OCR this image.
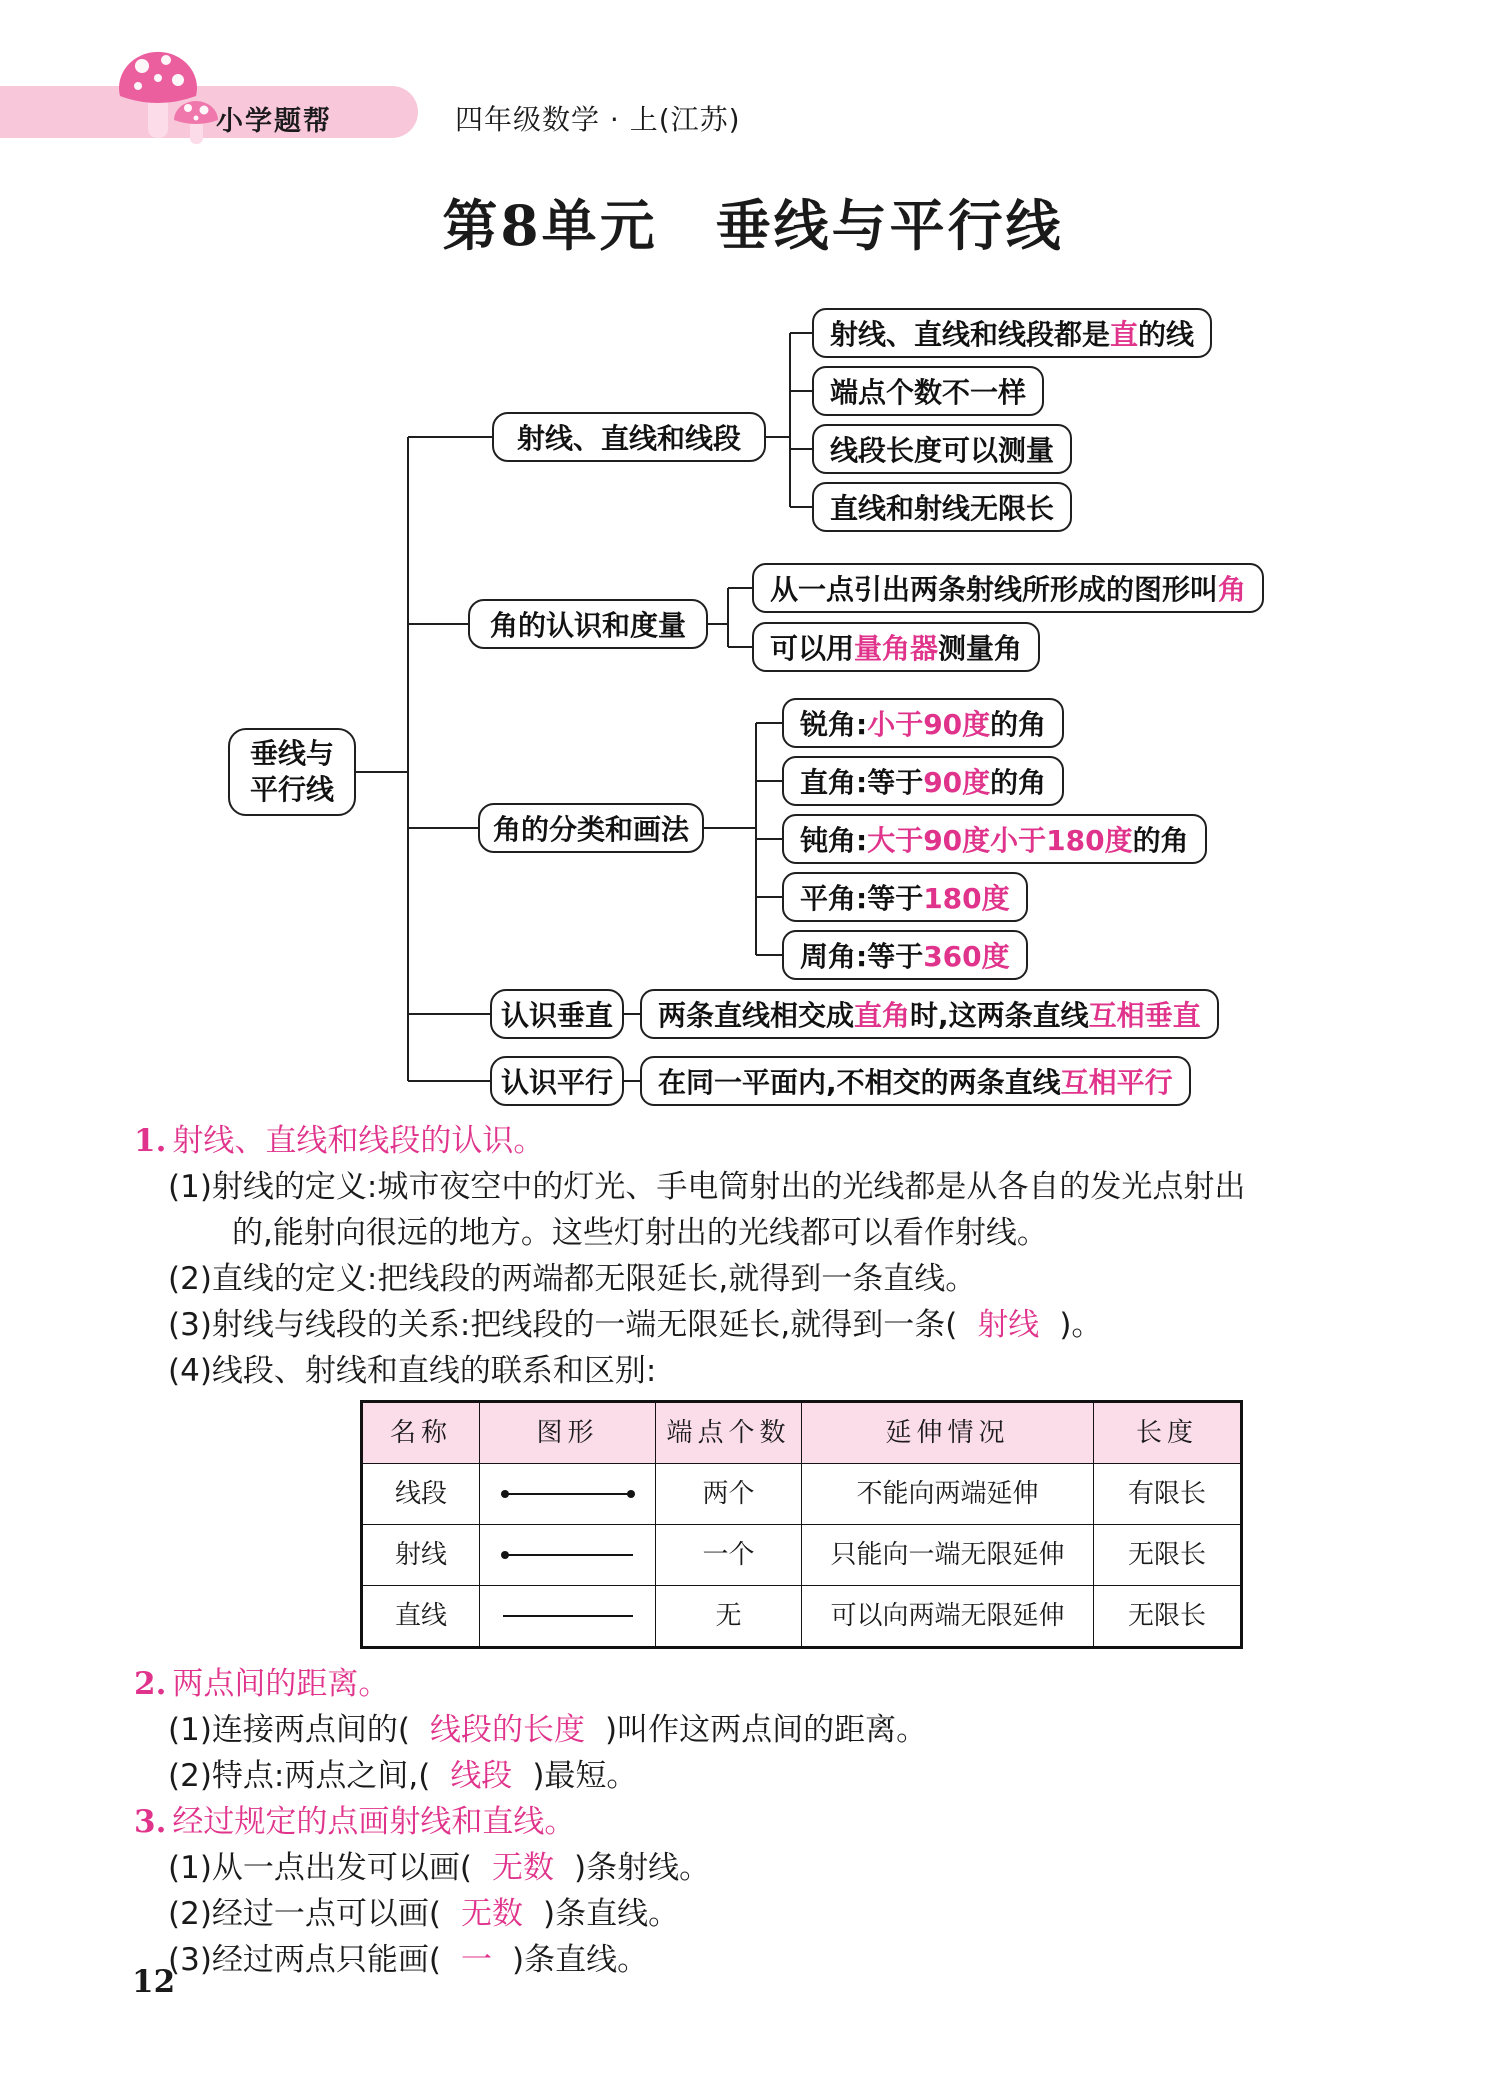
小学题帮	四年级数学 · 上(江苏)
第8单元　垂线与平行线
垂线与
平行线
射线、直线和线段
射线、直线和线段都是 直 的线
端点个数不一样
线段长度可以测量
直线和射线无限长
角的认识和度量
从一点引出两条射线所形成的图形叫 角
可以用 量角器 测量角
角的分类和画法
锐角: 小于90度 的角
直角:等于 90度 的角
钝角: 大于90度小于180度 的角
平角:等于 180度
周角:等于 360度
认识垂直	两条直线相交成 直角 时,这两条直线 互相垂直
认识平行	在同一平面内,不相交的两条直线 互相平行
1. 射线、直线和线段的认识。
(1)射线的定义:城市夜空中的灯光、手电筒射出的光线都是从各自的发光点射出
的,能射向很远的地方。这些灯射出的光线都可以看作射线。
(2)直线的定义:把线段的两端都无限延长,就得到一条直线。
(3)射线与线段的关系:把线段的一端无限延长,就得到一条( 射线 )。
(4)线段、射线和直线的联系和区别:
名称	图形	端点个数	延伸情况	长度
线段		两个	不能向两端延伸	有限长
射线		一个	只能向一端无限延伸	无限长
直线		无	可以向两端无限延伸	无限长
2. 两点间的距离。
(1)连接两点间的( 线段的长度 )叫作这两点间的距离。
(2)特点:两点之间,( 线段 )最短。
3. 经过规定的点画射线和直线。
(1)从一点出发可以画( 无数 )条射线。
(2)经过一点可以画( 无数 )条直线。
(3)经过两点只能画( 一 )条直线。
12
